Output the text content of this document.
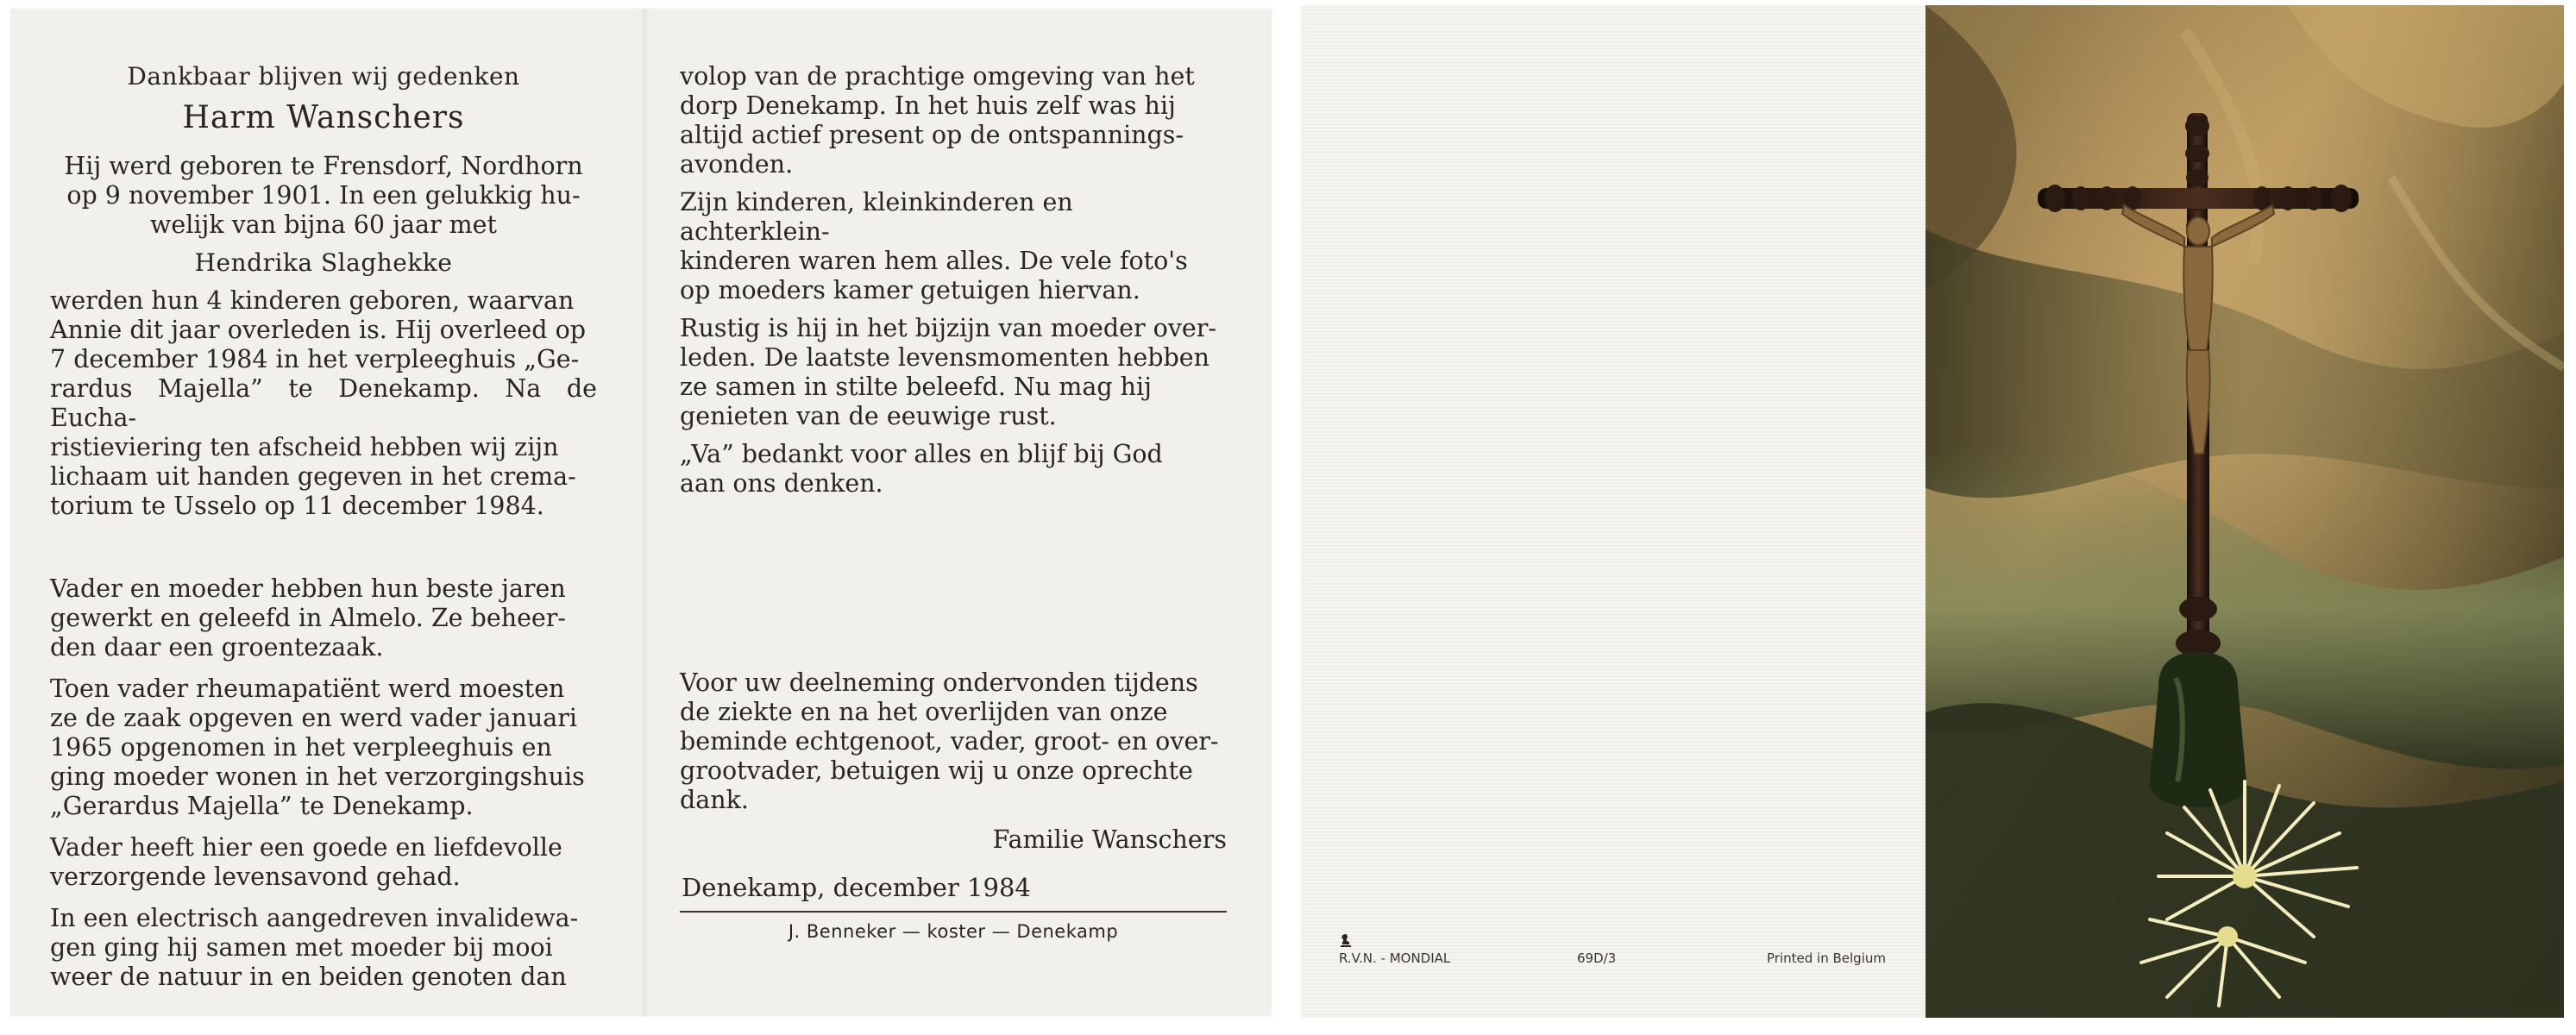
Dankbaar blijven wij gedenken
Harm Wanschers
Hij werd geboren te Frensdorf, Nordhorn
op 9 november 1901. In een gelukkig hu-
welijk van bijna 60 jaar met
Hendrika Slaghekke
werden hun 4 kinderen geboren, waarvan
Annie dit jaar overleden is. Hij overleed op
7 december 1984 in het verpleeghuis „Ge-
rardus Majella” te Denekamp. Na de Eucha-
ristieviering ten afscheid hebben wij zijn
lichaam uit handen gegeven in het crema-
torium te Usselo op 11 december 1984.
Vader en moeder hebben hun beste jaren
gewerkt en geleefd in Almelo. Ze beheer-
den daar een groentezaak.
Toen vader rheumapatiënt werd moesten
ze de zaak opgeven en werd vader januari
1965 opgenomen in het verpleeghuis en
ging moeder wonen in het verzorgingshuis
„Gerardus Majella” te Denekamp.
Vader heeft hier een goede en liefdevolle
verzorgende levensavond gehad.
In een electrisch aangedreven invalidewa-
gen ging hij samen met moeder bij mooi
weer de natuur in en beiden genoten dan
volop van de prachtige omgeving van het
dorp Denekamp. In het huis zelf was hij
altijd actief present op de ontspannings-
avonden.
Zijn kinderen, kleinkinderen en achterklein-
kinderen waren hem alles. De vele foto's
op moeders kamer getuigen hiervan.
Rustig is hij in het bijzijn van moeder over-
leden. De laatste levensmomenten hebben
ze samen in stilte beleefd. Nu mag hij
genieten van de eeuwige rust.
„Va” bedankt voor alles en blijf bij God
aan ons denken.
Voor uw deelneming ondervonden tijdens
de ziekte en na het overlijden van onze
beminde echtgenoot, vader, groot- en over-
grootvader, betuigen wij u onze oprechte
dank.
Familie Wanschers
Denekamp, december 1984
J. Benneker — koster — Denekamp
R.V.N. - MONDIAL	69D/3	Printed in Belgium
